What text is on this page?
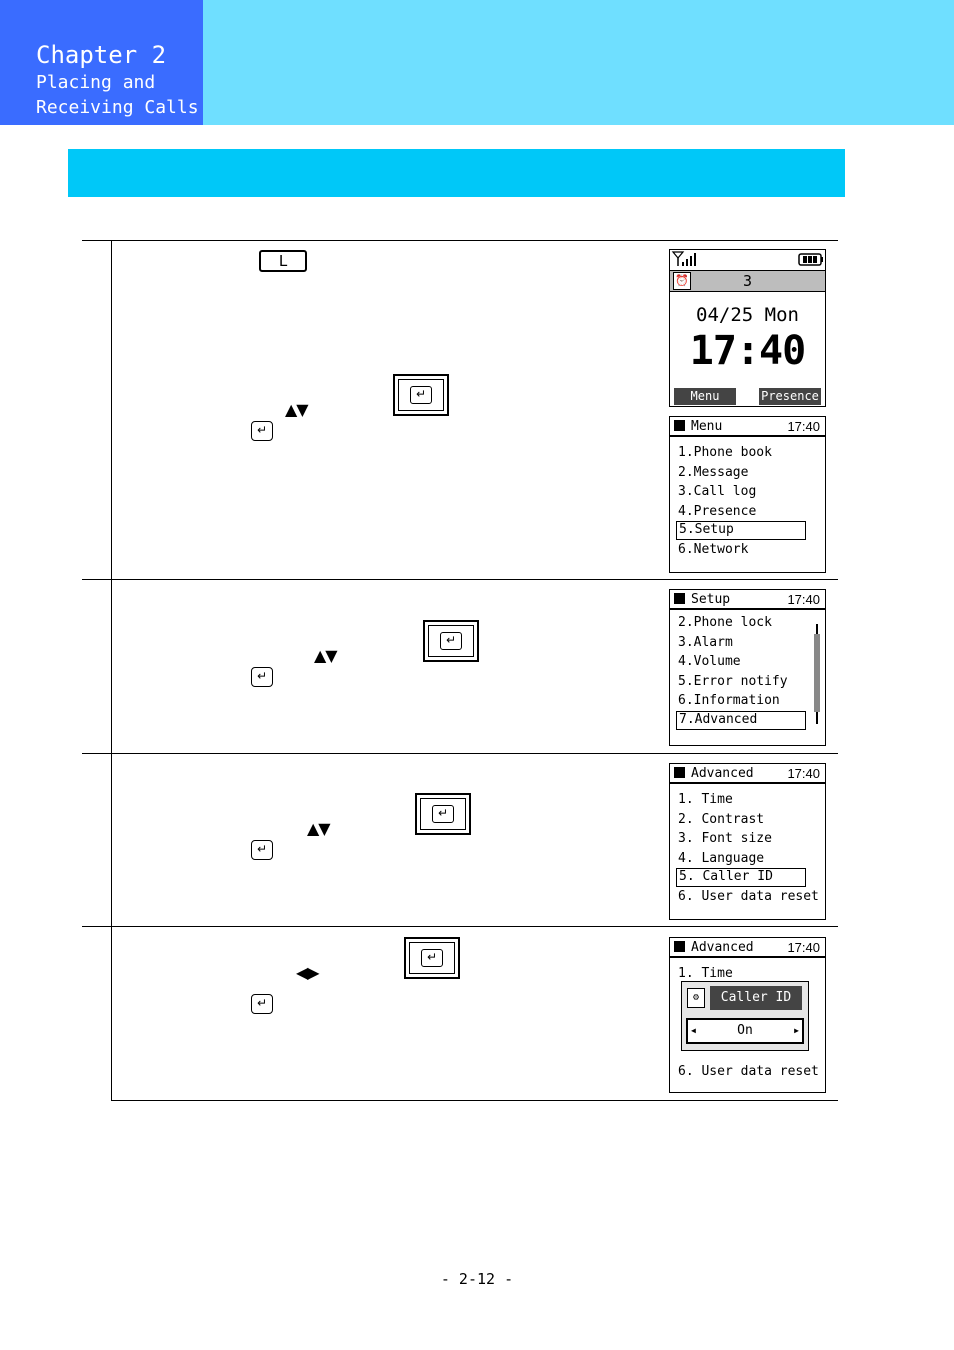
Chapter 2
Placing and
Receiving Calls
L
↵
▲▼
↵
↵
▲▼
↵
↵
▲▼
↵
↵
◀▶
↵
⏰	3
04/25 Mon
17:40
Menu	Presence
Menu	17:40
1.Phone book
2.Message
3.Call log
4.Presence
5.Setup
6.Network
Setup	17:40
2.Phone lock
3.Alarm
4.Volume
5.Error notify
6.Information
7.Advanced
Advanced	17:40
1. Time
2. Contrast
3. Font size
4. Language
5. Caller ID
6. User data reset
Advanced	17:40
1. Time
6. User data reset
⚙	Caller ID
◀	On	▶
- 2-12 -
